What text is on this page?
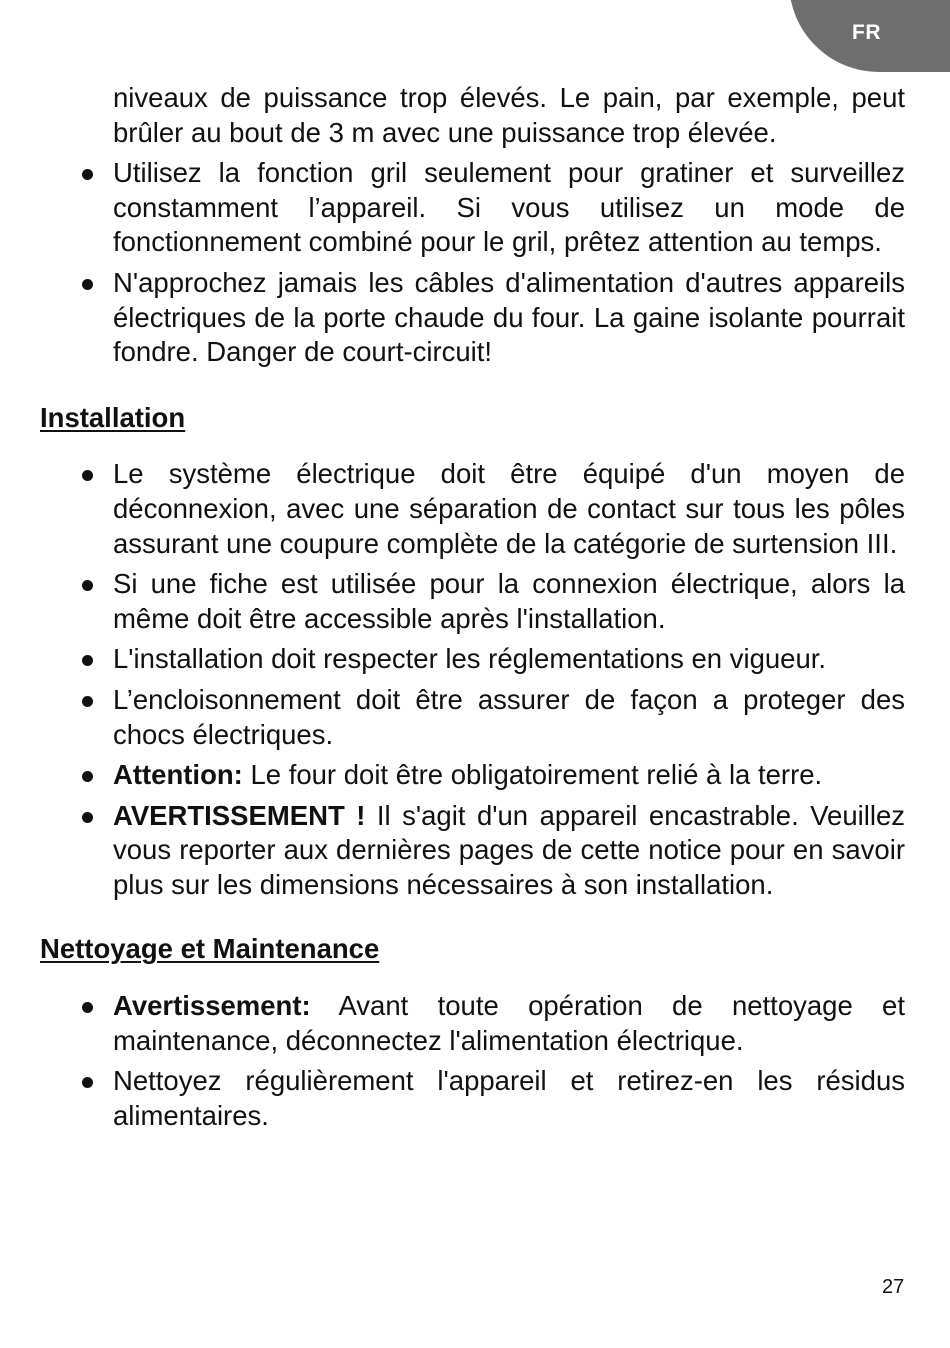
FR

niveaux de puissance trop élevés. Le pain, par exemple, peut brûler au bout de 3 m avec une puissance trop élevée.

Utilisez la fonction gril seulement pour gratiner et surveillez constamment l’appareil. Si vous utilisez un mode de fonctionnement combiné pour le gril, prêtez attention au temps.
N'approchez jamais les câbles d'alimentation d'autres appareils électriques de la porte chaude du four. La gaine isolante pourrait fondre. Danger de court-circuit!
Installation
Le système électrique doit être équipé d'un moyen de déconnexion, avec une séparation de contact sur tous les pôles assurant une coupure complète de la catégorie de surtension III.
Si une fiche est utilisée pour la connexion électrique, alors la même doit être accessible après l'installation.
L'installation doit respecter les réglementations en vigueur.
L’encloisonnement doit être assurer de façon a proteger des chocs électriques.
Attention: Le four doit être obligatoirement relié à la terre.
AVERTISSEMENT ! Il s'agit d'un appareil encastrable. Veuillez vous reporter aux dernières pages de cette notice pour en savoir plus sur les dimensions nécessaires à son installation.
Nettoyage et Maintenance
Avertissement: Avant toute opération de nettoyage et maintenance, déconnectez l'alimentation électrique.
Nettoyez régulièrement l'appareil et retirez-en les résidus alimentaires.
27
